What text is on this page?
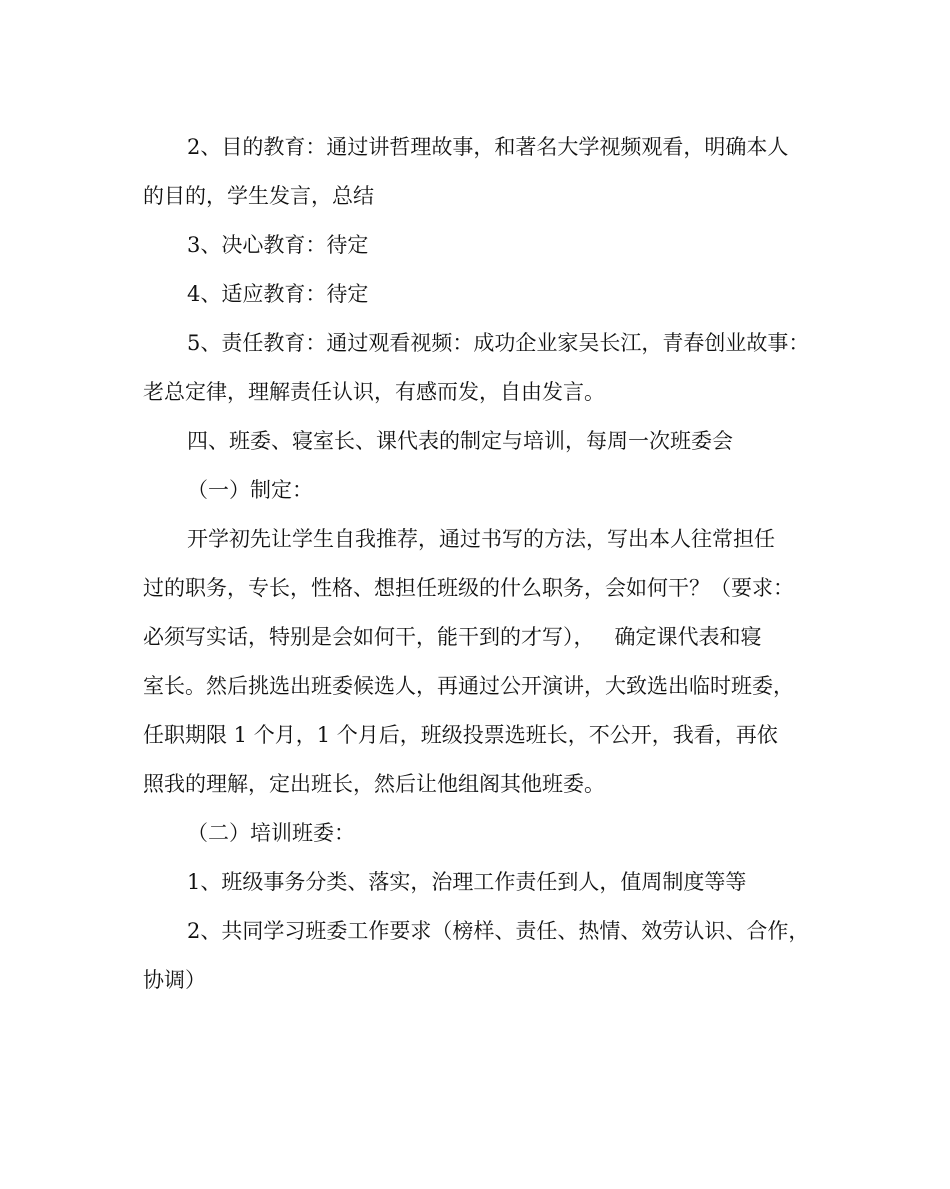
2、目的教育：通过讲哲理故事，和著名大学视频观看，明确本人
的目的，学生发言，总结
3、决心教育：待定
4、适应教育：待定
5、责任教育：通过观看视频：成功企业家吴长江，青春创业故事：
老总定律，理解责任认识，有感而发，自由发言。
四、班委、寝室长、课代表的制定与培训，每周一次班委会
（一）制定：
开学初先让学生自我推荐，通过书写的方法，写出本人往常担任
过的职务，专长，性格、想担任班级的什么职务，会如何干？（要求：
必须写实话，特别是会如何干，能干到的才写），   确定课代表和寝
室长。然后挑选出班委候选人，再通过公开演讲，大致选出临时班委，
任职期限 1 个月，1 个月后，班级投票选班长，不公开，我看，再依
照我的理解，定出班长，然后让他组阁其他班委。
（二）培训班委：
1、班级事务分类、落实，治理工作责任到人，值周制度等等
2、共同学习班委工作要求（榜样、责任、热情、效劳认识、合作，
协调）
